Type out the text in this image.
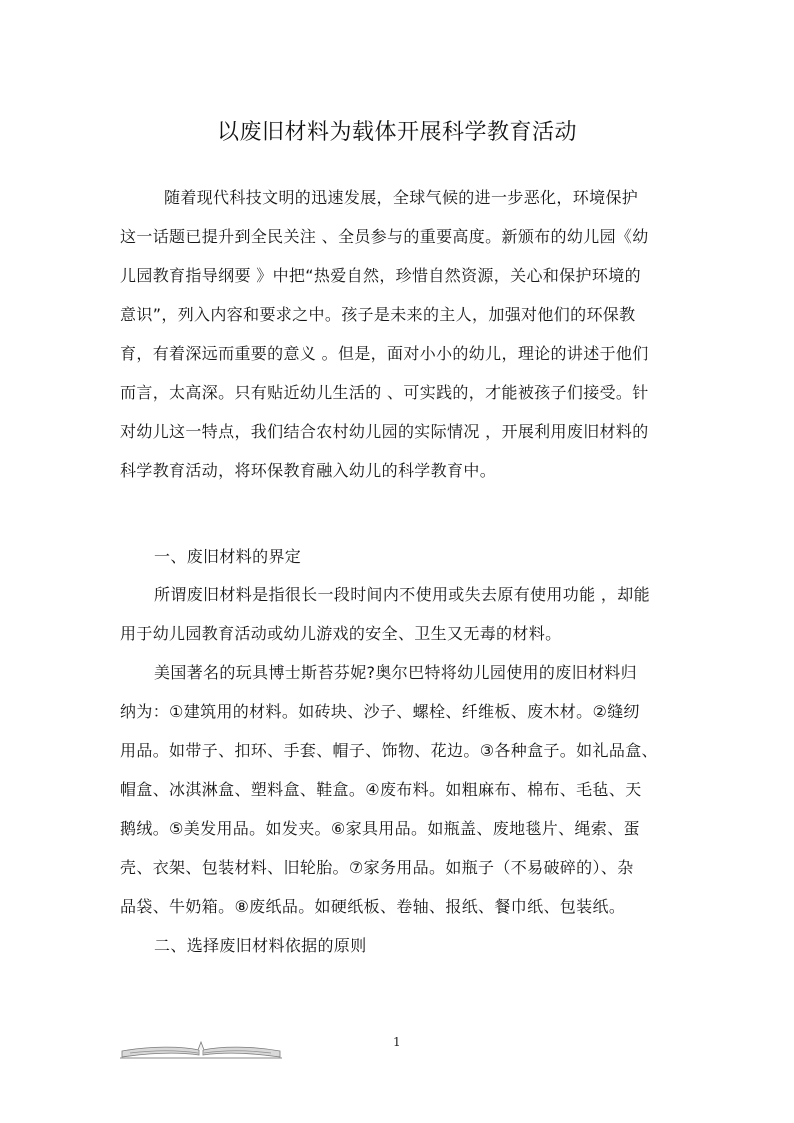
以废旧材料为载体开展科学教育活动
随着现代科技文明的迅速发展，全球气候的进一步恶化，环境保护
这一话题已提升到全民关注 、全员参与的重要高度。新颁布的幼儿园《幼
儿园教育指导纲要 》中把“热爱自然，珍惜自然资源，关心和保护环境的
意识”，列入内容和要求之中。孩子是未来的主人，加强对他们的环保教
育，有着深远而重要的意义 。但是，面对小小的幼儿，理论的讲述于他们
而言，太高深。只有贴近幼儿生活的 、可实践的，才能被孩子们接受。针
对幼儿这一特点，我们结合农村幼儿园的实际情况 ，开展利用废旧材料的
科学教育活动，将环保教育融入幼儿的科学教育中。
一、废旧材料的界定
所谓废旧材料是指很长一段时间内不使用或失去原有使用功能 ，却能
用于幼儿园教育活动或幼儿游戏的安全、卫生又无毒的材料。
美国著名的玩具博士斯苔芬妮?奥尔巴特将幼儿园使用的废旧材料归
纳为：①建筑用的材料。如砖块、沙子、螺栓、纤维板、废木材。②缝纫
用品。如带子、扣环、手套、帽子、饰物、花边。③各种盒子。如礼品盒、
帽盒、冰淇淋盒、塑料盒、鞋盒。④废布料。如粗麻布、棉布、毛毡、天
鹅绒。⑤美发用品。如发夹。⑥家具用品。如瓶盖、废地毯片、绳索、蛋
壳、衣架、包装材料、旧轮胎。⑦家务用品。如瓶子（不易破碎的）、杂
品袋、牛奶箱。⑧废纸品。如硬纸板、卷轴、报纸、餐巾纸、包装纸。
二、选择废旧材料依据的原则
1
